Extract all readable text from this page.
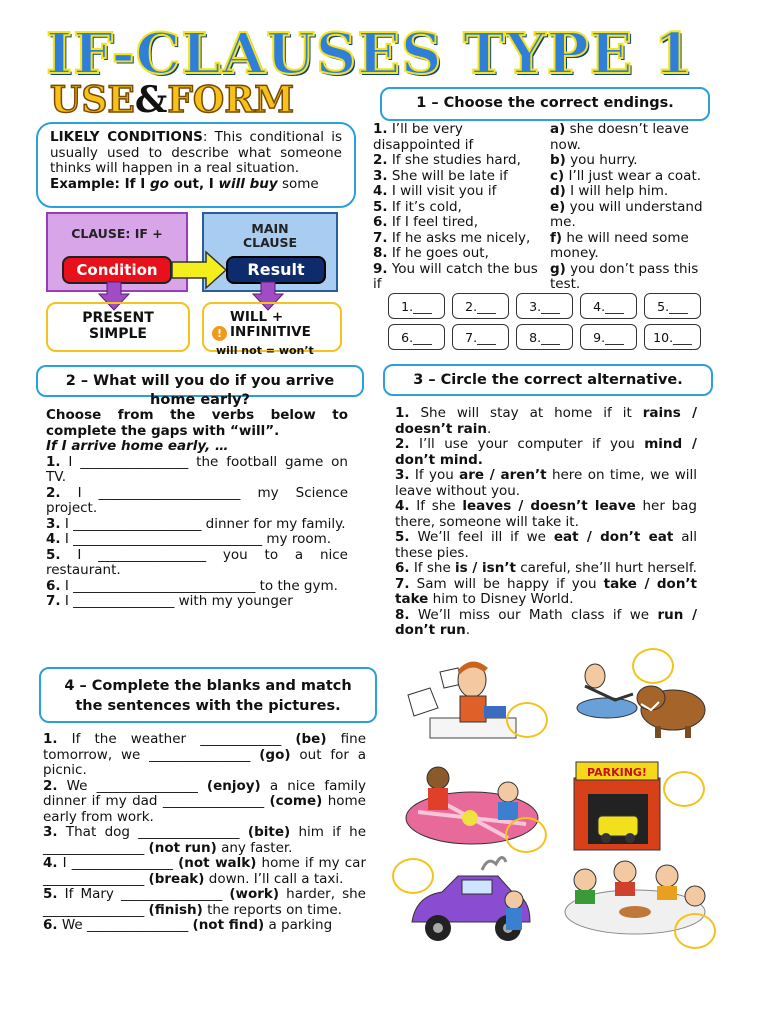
IF-CLAUSES TYPE 1
USE&FORM
LIKELY CONDITIONS: This conditional is usually used to describe what someone thinks will happen in a real situation.
Example: If I go out, I will buy some
CLAUSE: IF +	MAIN CLAUSE
Condition	Result
PRESENT SIMPLE
WILL + INFINITIVE
will not = won’t
!
1 – Choose the correct endings.

1. I’ll be very disappointed if

2. If she studies hard,

3. She will be late if

4. I will visit you if

5. If it’s cold,

6. If I feel tired,

7. If he asks me nicely,

8. If he goes out,

9. You will catch the bus if

a) she doesn’t leave now.

b) you hurry.

c) I’ll just wear a coat.

d) I will help him.

e) you will understand me.

f) he will need some money.

g) you don’t pass this test.

1.___	2.___	3.___	4.___	5.___
6.___	7.___	8.___	9.___	10.___
2 – What will you do if you arrive home early?
Choose from the verbs below to complete the gaps with “will”.
If I arrive home early, …

1. I ________________ the football game on TV.

2. I _____________________ my Science project.

3. I ___________________ dinner for my family.

4. I ____________________________ my room.

5. I ________________ you to a nice restaurant.

6. I ___________________________ to the gym.

7. I _______________ with my younger

3 – Circle the correct alternative.

1. She will stay at home if it rains / doesn’t rain.

2. I’ll use your computer if you mind / don’t mind.

3. If you are / aren’t here on time, we will leave without you.

4. If she leaves / doesn’t leave her bag there, someone will take it.

5. We’ll feel ill if we eat / don’t eat all these pies.

6. If she is / isn’t careful, she’ll hurt herself.

7. Sam will be happy if you take / don’t take him to Disney World.

8. We’ll miss our Math class if we run / don’t run.

4 – Complete the blanks and match the sentences with the pictures.

1. If the weather ____________ (be) fine tomorrow, we _______________ (go) out for a picnic.

2. We _______________ (enjoy) a nice family dinner if my dad _______________ (come) home early from work.

3. That dog _______________ (bite) him if he _______________ (not run) any faster.

4. I _______________ (not walk) home if my car _______________ (break) down. I’ll call a taxi.

5. If Mary _______________ (work) harder, she _______________ (finish) the reports on time.

6. We _______________ (not find) a parking

PARKING!
